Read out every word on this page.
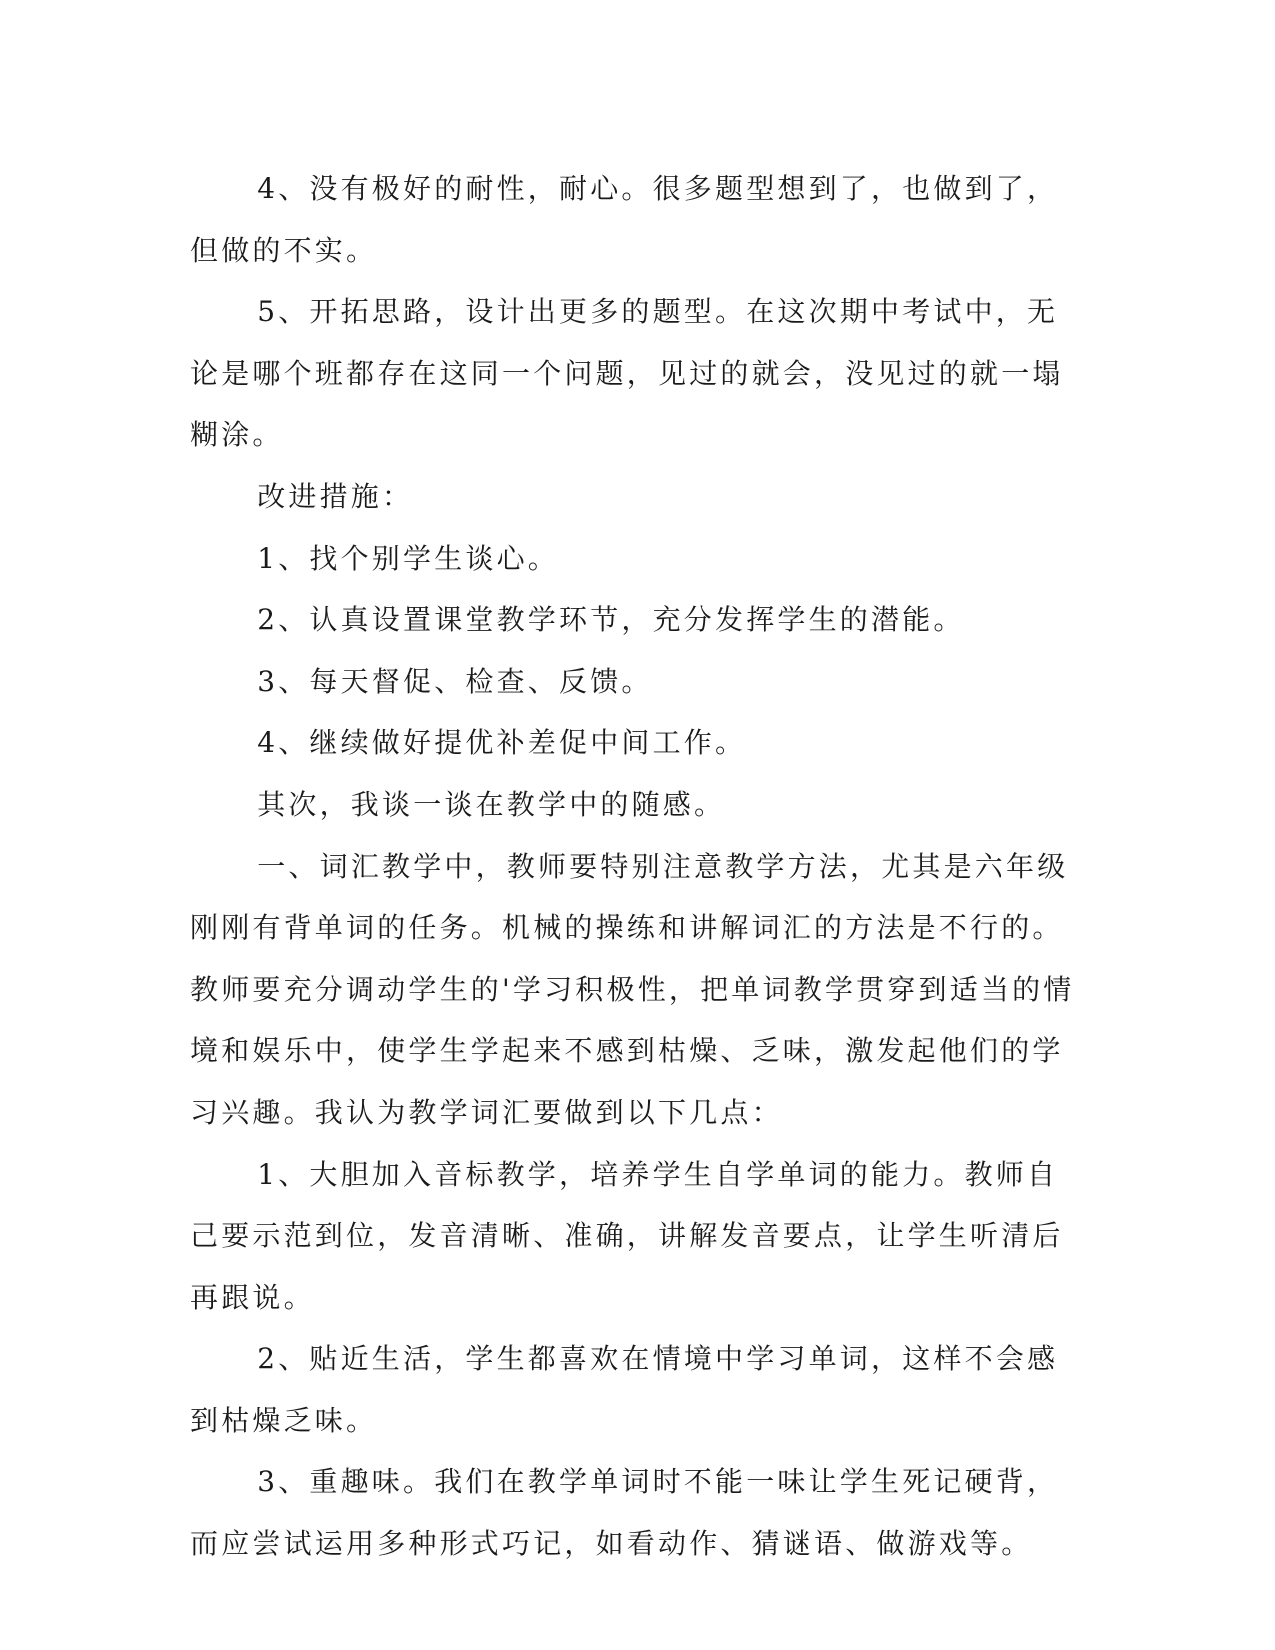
4、没有极好的耐性，耐心。很多题型想到了，也做到了，但做的不实。

5、开拓思路，设计出更多的题型。在这次期中考试中，无论是哪个班都存在这同一个问题，见过的就会，没见过的就一塌糊涂。

改进措施：

1、找个别学生谈心。

2、认真设置课堂教学环节，充分发挥学生的潜能。

3、每天督促、检查、反馈。

4、继续做好提优补差促中间工作。

其次，我谈一谈在教学中的随感。

一、词汇教学中，教师要特别注意教学方法，尤其是六年级刚刚有背单词的任务。机械的操练和讲解词汇的方法是不行的。教师要充分调动学生的'学习积极性，把单词教学贯穿到适当的情境和娱乐中，使学生学起来不感到枯燥、乏味，激发起他们的学习兴趣。我认为教学词汇要做到以下几点：

1、大胆加入音标教学，培养学生自学单词的能力。教师自己要示范到位，发音清晰、准确，讲解发音要点，让学生听清后再跟说。

2、贴近生活，学生都喜欢在情境中学习单词，这样不会感到枯燥乏味。

3、重趣味。我们在教学单词时不能一味让学生死记硬背，而应尝试运用多种形式巧记，如看动作、猜谜语、做游戏等。
